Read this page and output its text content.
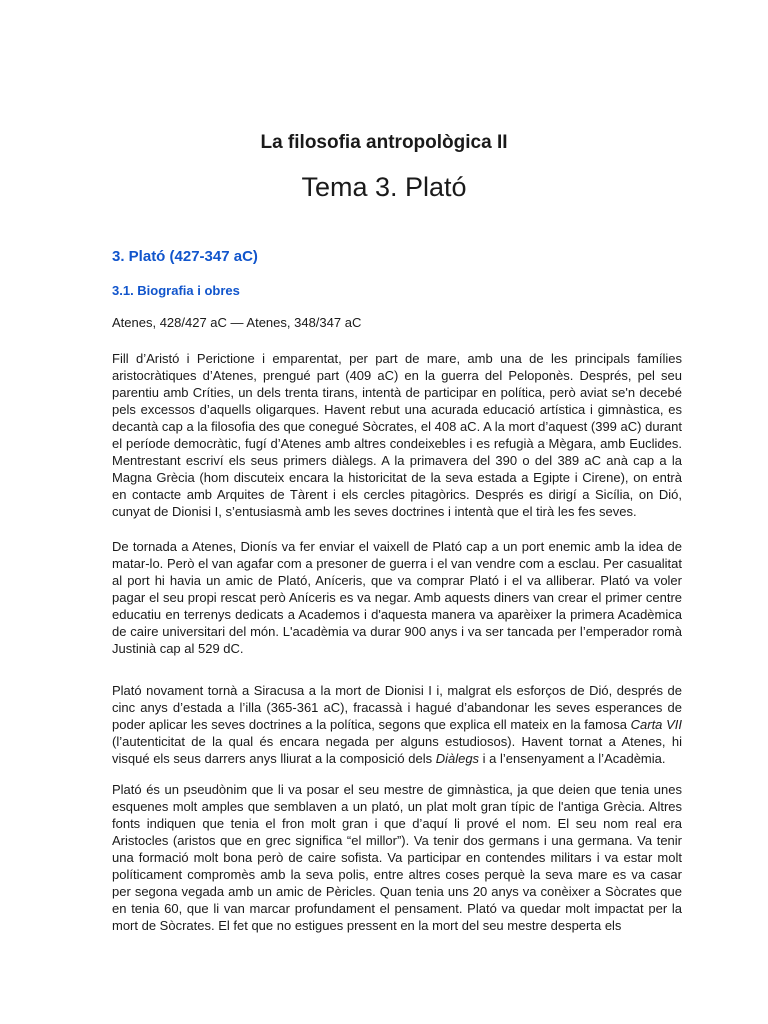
La filosofia antropològica II
Tema 3. Plató
3. Plató (427-347 aC)
3.1. Biografia i obres

Atenes, 428/427 aC — Atenes, 348/347 aC

Fill d’Aristó i Perictione i emparentat, per part de mare, amb una de les principals famílies aristocràtiques d’Atenes, prengué part (409 aC) en la guerra del Peloponès. Després, pel seu parentiu amb Críties, un dels trenta tirans, intentà de participar en política, però aviat se'n decebé pels excessos d’aquells oligarques. Havent rebut una acurada educació artística i gimnàstica, es decantà cap a la filosofia des que conegué Sòcrates, el 408 aC. A la mort d’aquest (399 aC) durant el període democràtic, fugí d’Atenes amb altres condeixebles i es refugià a Mègara, amb Euclides. Mentrestant escriví els seus primers diàlegs. A la primavera del 390 o del 389 aC anà cap a la Magna Grècia (hom discuteix encara la historicitat de la seva estada a Egipte i Cirene), on entrà en contacte amb Arquites de Tàrent i els cercles pitagòrics. Després es dirigí a Sicília, on Dió, cunyat de Dionisi I, s’entusiasmà amb les seves doctrines i intentà que el tirà les fes seves.

De tornada a Atenes, Dionís va fer enviar el vaixell de Plató cap a un port enemic amb la idea de matar-lo. Però el van agafar com a presoner de guerra i el van vendre com a esclau. Per casualitat al port hi havia un amic de Plató, Aníceris, que va comprar Plató i el va alliberar. Plató va voler pagar el seu propi rescat però Aníceris es va negar. Amb aquests diners van crear el primer centre educatiu en terrenys dedicats a Academos i d'aquesta manera va aparèixer la primera Acadèmica de caire universitari del món. L'acadèmia va durar 900 anys i va ser tancada per l’emperador romà Justinià cap al 529 dC.

Plató novament tornà a Siracusa a la mort de Dionisi I i, malgrat els esforços de Dió, després de cinc anys d’estada a l’illa (365-361 aC), fracassà i hagué d’abandonar les seves esperances de poder aplicar les seves doctrines a la política, segons que explica ell mateix en la famosa Carta VII (l’autenticitat de la qual és encara negada per alguns estudiosos). Havent tornat a Atenes, hi visqué els seus darrers anys lliurat a la composició dels Diàlegs i a l’ensenyament a l’Acadèmia.

Plató és un pseudònim que li va posar el seu mestre de gimnàstica, ja que deien que tenia unes esquenes molt amples que semblaven a un plató, un plat molt gran típic de l'antiga Grècia. Altres fonts indiquen que tenia el fron molt gran i que d’aquí li prové el nom. El seu nom real era Aristocles (aristos que en grec significa “el millor”). Va tenir dos germans i una germana. Va tenir una formació molt bona però de caire sofista. Va participar en contendes militars i va estar molt políticament compromès amb la seva polis, entre altres coses perquè la seva mare es va casar per segona vegada amb un amic de Pèricles. Quan tenia uns 20 anys va conèixer a Sòcrates que en tenia 60, que li van marcar profundament el pensament. Plató va quedar molt impactat per la mort de Sòcrates. El fet que no estigues pressent en la mort del seu mestre desperta els
